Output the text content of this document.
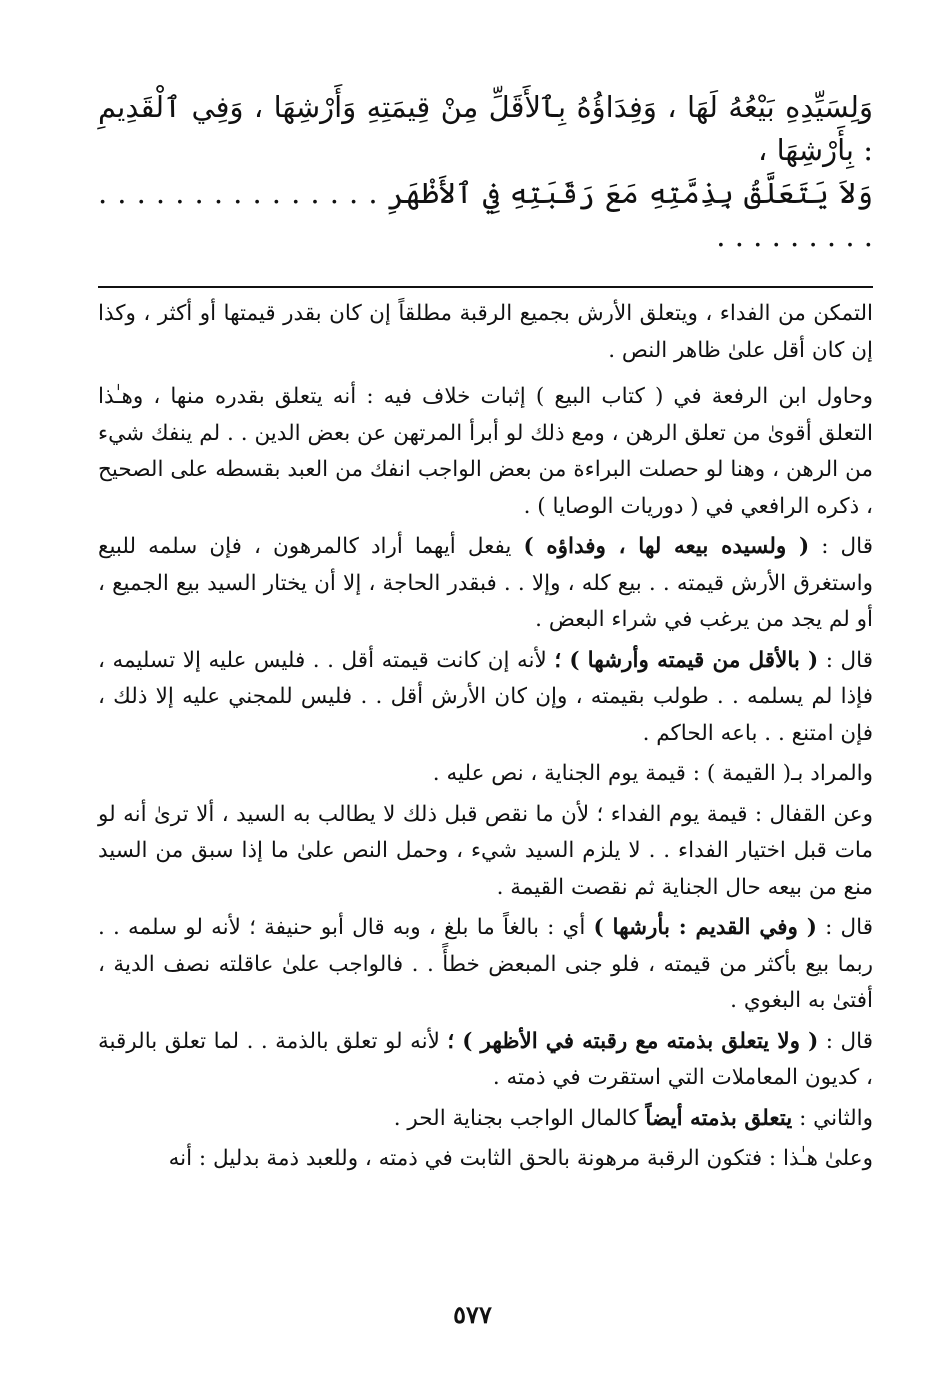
وَلِسَيِّدِهِ بَيْعُهُ لَهَا ، وَفِدَاؤُهُ بِٱلأَقَلِّ مِنْ قِيمَتِهِ وَأَرْشِهَا ، وَفِي ٱلْقَدِيمِ : بِأَرْشِهَا ،
وَلاَ يَتَعَلَّقُ بِذِمَّتِهِ مَعَ رَقَبَتِهِ فِي ٱلأَظْهَرِ . . . . . . . . . . . . . . . . . . . . . . . .

التمكن من الفداء ، ويتعلق الأرش بجميع الرقبة مطلقاً إن كان بقدر قيمتها أو أكثر ، وكذا إن كان أقل علىٰ ظاهر النص .

وحاول ابن الرفعة في ( كتاب البيع ) إثبات خلاف فيه : أنه يتعلق بقدره منها ، وهـٰذا التعلق أقوىٰ من تعلق الرهن ، ومع ذلك لو أبرأ المرتهن عن بعض الدين . . لم ينفك شيء من الرهن ، وهنا لو حصلت البراءة من بعض الواجب انفك من العبد بقسطه على الصحيح ، ذكره الرافعي في ( دوريات الوصايا ) .

قال : ( ولسيده بيعه لها ، وفداؤه ) يفعل أيهما أراد كالمرهون ، فإن سلمه للبيع واستغرق الأرش قيمته . . بيع كله ، وإلا . . فبقدر الحاجة ، إلا أن يختار السيد بيع الجميع ، أو لم يجد من يرغب في شراء البعض .

قال : ( بالأقل من قيمته وأرشها ) ؛ لأنه إن كانت قيمته أقل . . فليس عليه إلا تسليمه ، فإذا لم يسلمه . . طولب بقيمته ، وإن كان الأرش أقل . . فليس للمجني عليه إلا ذلك ، فإن امتنع . . باعه الحاكم .

والمراد بـ( القيمة ) : قيمة يوم الجناية ، نص عليه .

وعن القفال : قيمة يوم الفداء ؛ لأن ما نقص قبل ذلك لا يطالب به السيد ، ألا ترىٰ أنه لو مات قبل اختيار الفداء . . لا يلزم السيد شيء ، وحمل النص علىٰ ما إذا سبق من السيد منع من بيعه حال الجناية ثم نقصت القيمة .

قال : ( وفي القديم : بأرشها ) أي : بالغاً ما بلغ ، وبه قال أبو حنيفة ؛ لأنه لو سلمه . . ربما بيع بأكثر من قيمته ، فلو جنى المبعض خطأً . . فالواجب علىٰ عاقلته نصف الدية ، أفتىٰ به البغوي .

قال : ( ولا يتعلق بذمته مع رقبته في الأظهر ) ؛ لأنه لو تعلق بالذمة . . لما تعلق بالرقبة ، كديون المعاملات التي استقرت في ذمته .

والثاني : يتعلق بذمته أيضاً كالمال الواجب بجناية الحر .

وعلىٰ هـٰذا : فتكون الرقبة مرهونة بالحق الثابت في ذمته ، وللعبد ذمة بدليل : أنه

٥٧٧
